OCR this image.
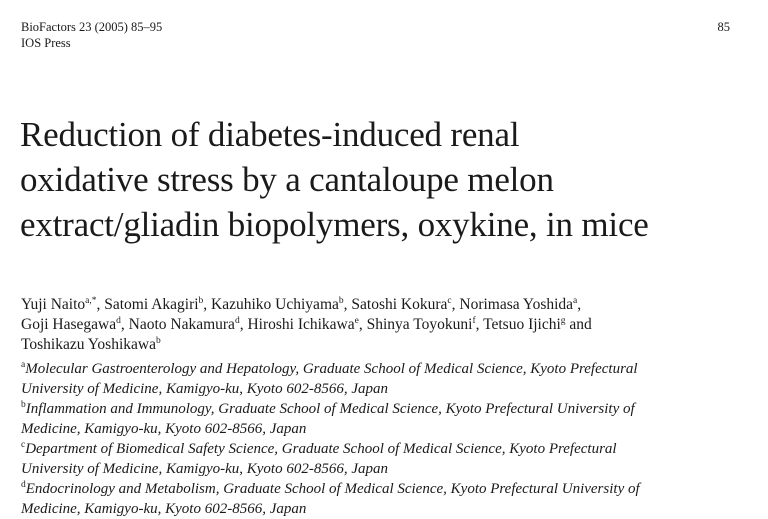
BioFactors 23 (2005) 85–95
IOS Press
85
Reduction of diabetes-induced renal
oxidative stress by a cantaloupe melon
extract/gliadin biopolymers, oxykine, in mice
Yuji Naito$^{a,*}$, Satomi Akagiri$^b$, Kazuhiko Uchiyama$^b$, Satoshi Kokura$^c$, Norimasa Yoshida$^a$,
Goji Hasegawa$^d$, Naoto Nakamura$^d$, Hiroshi Ichikawa$^e$, Shinya Toyokuni$^f$, Tetsuo Ijichi$^g$ and
Toshikazu Yoshikawa$^b$
$^a$Molecular Gastroenterology and Hepatology, Graduate School of Medical Science, Kyoto Prefectural
University of Medicine, Kamigyo-ku, Kyoto 602-8566, Japan
$^b$Inflammation and Immunology, Graduate School of Medical Science, Kyoto Prefectural University of
Medicine, Kamigyo-ku, Kyoto 602-8566, Japan
$^c$Department of Biomedical Safety Science, Graduate School of Medical Science, Kyoto Prefectural
University of Medicine, Kamigyo-ku, Kyoto 602-8566, Japan
$^d$Endocrinology and Metabolism, Graduate School of Medical Science, Kyoto Prefectural University of
Medicine, Kamigyo-ku, Kyoto 602-8566, Japan
